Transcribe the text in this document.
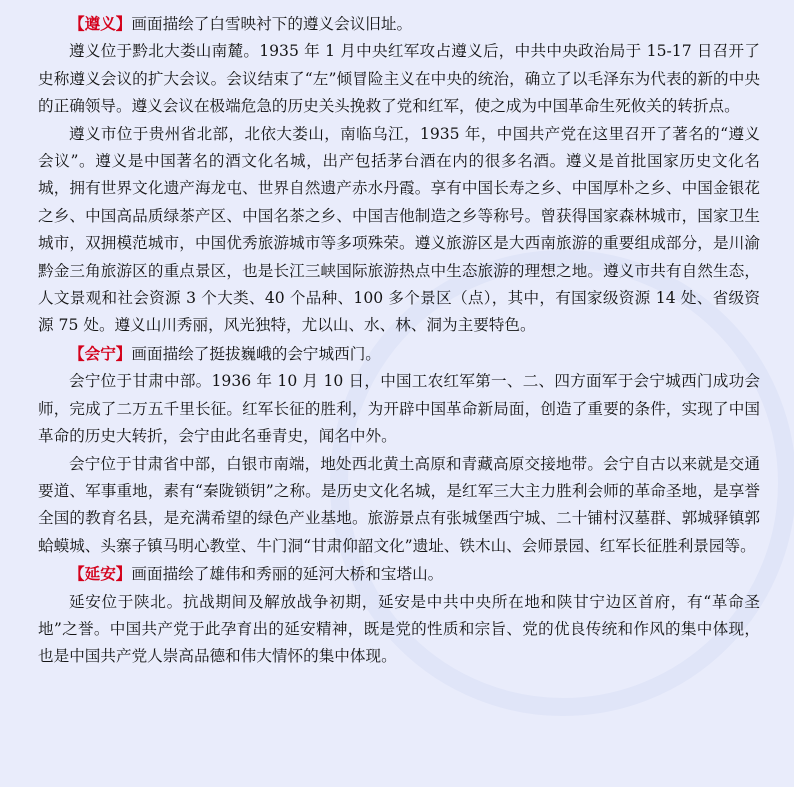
【遵义】画面描绘了白雪映衬下的遵义会议旧址。

遵义位于黔北大娄山南麓。1935 年 1 月中央红军攻占遵义后，中共中央政治局于 15-17 日召开了史称遵义会议的扩大会议。会议结束了“左”倾冒险主义在中央的统治，确立了以毛泽东为代表的新的中央的正确领导。遵义会议在极端危急的历史关头挽救了党和红军，使之成为中国革命生死攸关的转折点。

遵义市位于贵州省北部，北依大娄山，南临乌江，1935 年，中国共产党在这里召开了著名的“遵义会议”。遵义是中国著名的酒文化名城，出产包括茅台酒在内的很多名酒。遵义是首批国家历史文化名城，拥有世界文化遗产海龙屯、世界自然遗产赤水丹霞。享有中国长寿之乡、中国厚朴之乡、中国金银花之乡、中国高品质绿茶产区、中国名茶之乡、中国吉他制造之乡等称号。曾获得国家森林城市，国家卫生城市，双拥模范城市，中国优秀旅游城市等多项殊荣。遵义旅游区是大西南旅游的重要组成部分，是川渝黔金三角旅游区的重点景区，也是长江三峡国际旅游热点中生态旅游的理想之地。遵义市共有自然生态，人文景观和社会资源 3 个大类、40 个品种、100 多个景区（点），其中，有国家级资源 14 处、省级资源 75 处。遵义山川秀丽，风光独特，尤以山、水、林、洞为主要特色。

【会宁】画面描绘了挺拔巍峨的会宁城西门。

会宁位于甘肃中部。1936 年 10 月 10 日，中国工农红军第一、二、四方面军于会宁城西门成功会师，完成了二万五千里长征。红军长征的胜利，为开辟中国革命新局面，创造了重要的条件，实现了中国革命的历史大转折，会宁由此名垂青史，闻名中外。

会宁位于甘肃省中部，白银市南端，地处西北黄土高原和青藏高原交接地带。会宁自古以来就是交通要道、军事重地，素有“秦陇锁钥”之称。是历史文化名城，是红军三大主力胜利会师的革命圣地，是享誉全国的教育名县，是充满希望的绿色产业基地。旅游景点有张城堡西宁城、二十铺村汉墓群、郭城驿镇郭蛤蟆城、头寨子镇马明心教堂、牛门洞“甘肃仰韶文化”遗址、铁木山、会师景园、红军长征胜利景园等。

【延安】画面描绘了雄伟和秀丽的延河大桥和宝塔山。

延安位于陕北。抗战期间及解放战争初期，延安是中共中央所在地和陕甘宁边区首府，有“革命圣地”之誉。中国共产党于此孕育出的延安精神，既是党的性质和宗旨、党的优良传统和作风的集中体现，也是中国共产党人崇高品德和伟大情怀的集中体现。
